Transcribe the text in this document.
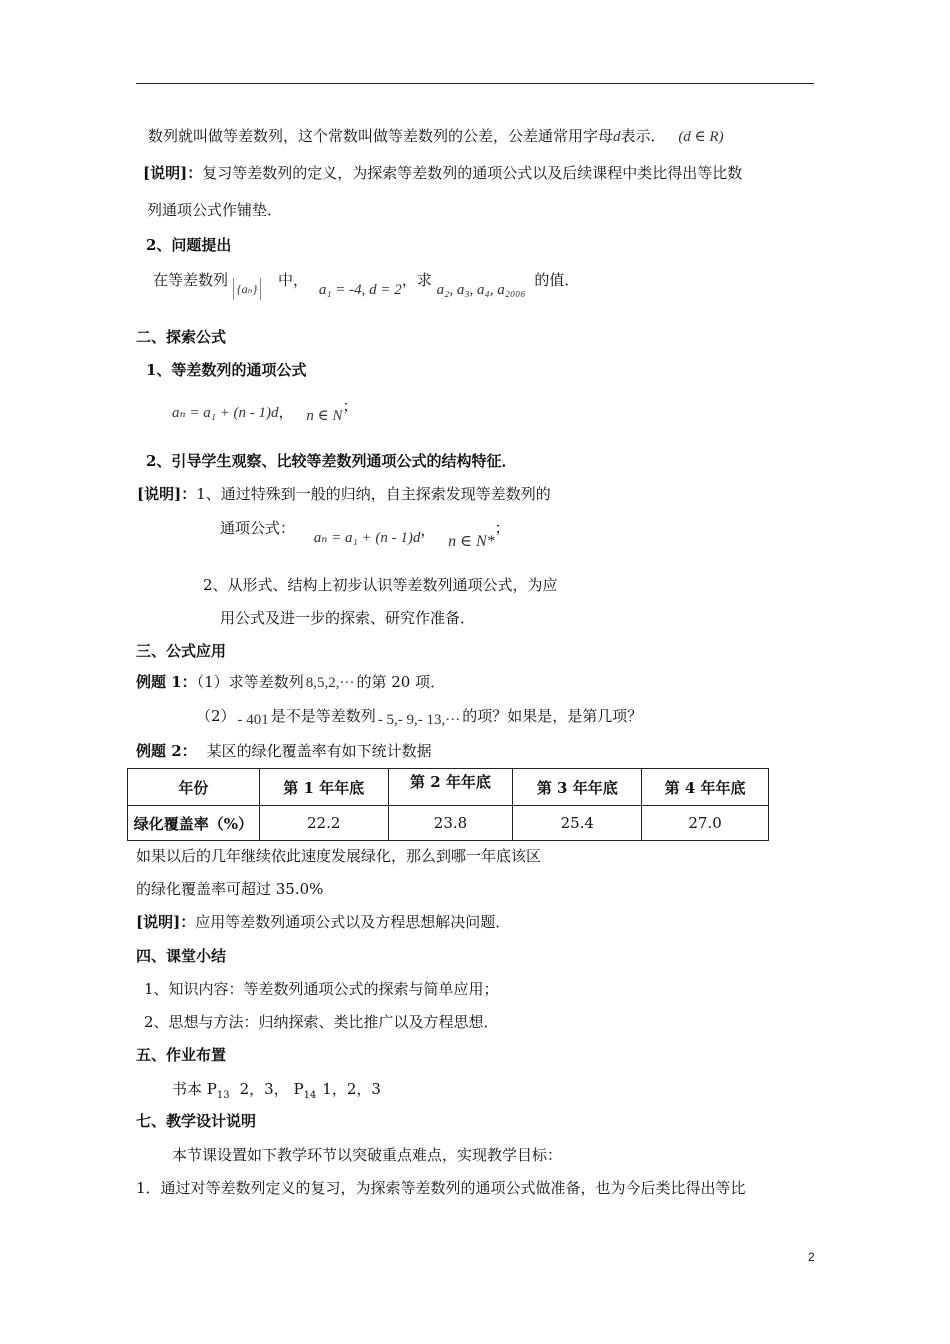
数列就叫做等差数列，这个常数叫做等差数列的公差，公差通常用字母d表示． (d ∈ R)
[说明]：复习等差数列的定义，为探索等差数列的通项公式以及后续课程中类比得出等比数
列通项公式作铺垫．
2、问题提出
在等差数列 {aₙ} 中， a₁ = -4, d = 2，求 a₂, a₃, a₄, a₂₀₀₆ 的值．
二、探索公式
1、等差数列的通项公式
aₙ = a₁ + (n - 1)d， n ∈ N；
2、引导学生观察、比较等差数列通项公式的结构特征．
[说明]：1、通过特殊到一般的归纳，自主探索发现等差数列的
通项公式： aₙ = a₁ + (n - 1)d， n ∈ N*；
2、从形式、结构上初步认识等差数列通项公式，为应
用公式及进一步的探索、研究作准备．
三、公式应用
例题 1：（1）求等差数列 8,5,2,··· 的第 20 项．
（2） - 401 是不是等差数列 - 5,- 9,- 13,··· 的项？如果是，是第几项？
例题 2： 某区的绿化覆盖率有如下统计数据
年份	第 1 年年底	第 2 年年底	第 3 年年底	第 4 年年底
绿化覆盖率（%）	22.2	23.8	25.4	27.0
如果以后的几年继续依此速度发展绿化，那么到哪一年底该区
的绿化覆盖率可超过 35.0%
[说明]：应用等差数列通项公式以及方程思想解决问题．
四、课堂小结
1、知识内容：等差数列通项公式的探索与简单应用；
2、思想与方法：归纳探索、类比推广以及方程思想．
五、作业布置
书本 $P_{13}$ 2，3， $P_{14}$ 1，2，3
七、教学设计说明
本节课设置如下教学环节以突破重点难点，实现教学目标：
1．通过对等差数列定义的复习，为探索等差数列的通项公式做准备，也为今后类比得出等比
2
